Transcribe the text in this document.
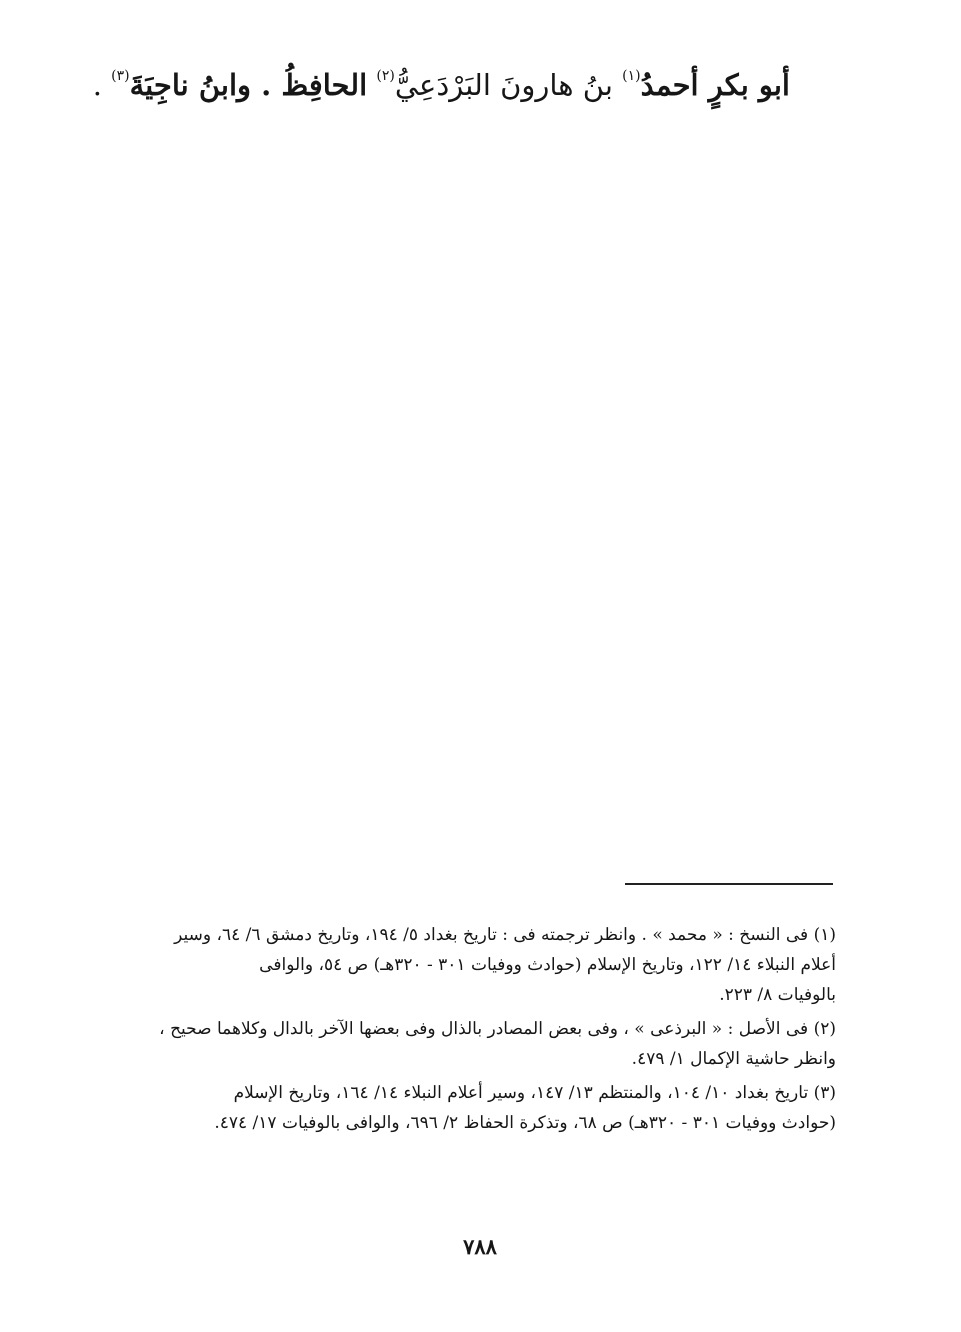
أبو بكرٍ أحمدُ$^{(١)}$ بنُ هارونَ البَرْدَعِيُّ$^{(٢)}$ الحافِظُ . وابنُ ناجِيَةَ$^{(٣)}$ .
(١) فى النسخ : « محمد » . وانظر ترجمته فى : تاريخ بغداد ٥/ ١٩٤، وتاريخ دمشق ٦/ ٦٤، وسير
أعلام النبلاء ١٤/ ١٢٢، وتاريخ الإسلام (حوادث ووفيات ٣٠١ - ٣٢٠هـ) ص ٥٤، والوافى
بالوفيات ٨/ ٢٢٣.
(٢) فى الأصل : « البرذعى » ، وفى بعض المصادر بالذال وفى بعضها الآخر بالدال وكلاهما صحيح ،
وانظر حاشية الإكمال ١/ ٤٧٩.
(٣) تاريخ بغداد ١٠/ ١٠٤، والمنتظم ١٣/ ١٤٧، وسير أعلام النبلاء ١٤/ ١٦٤، وتاريخ الإسلام
(حوادث ووفيات ٣٠١ - ٣٢٠هـ) ص ٦٨، وتذكرة الحفاظ ٢/ ٦٩٦، والوافى بالوفيات ١٧/ ٤٧٤.
٧٨٨
